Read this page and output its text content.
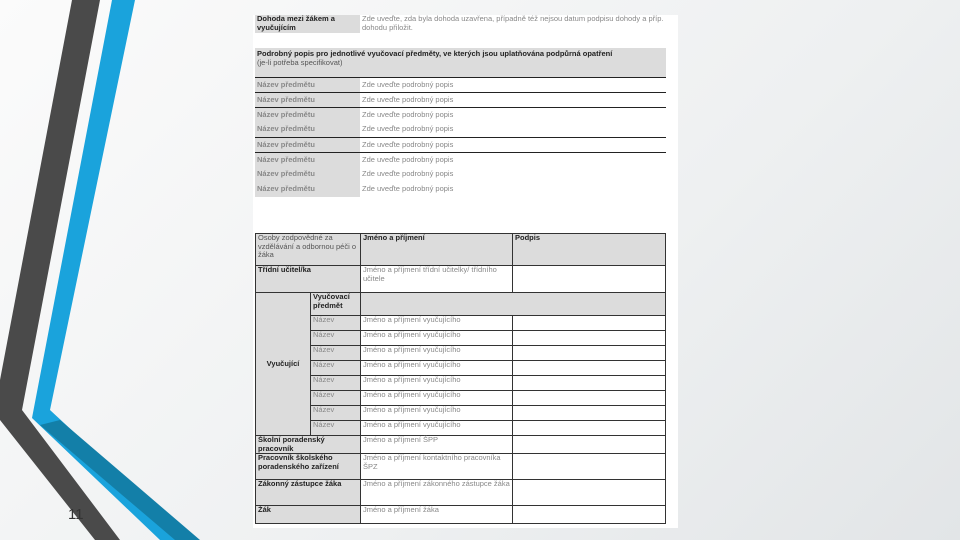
11
Dohoda mezi žákem a vyučujícím	Zde uveďte, zda byla dohoda uzavřena, případně též nejsou datum podpisu dohody a příp. dohodu přiložit.
Podrobný popis pro jednotlivé vyučovací předměty, ve kterých jsou uplatňována podpůrná opatření
(je-li potřeba specifikovat)	

Název předmětu	Zde uveďte podrobný popis
Název předmětu	Zde uveďte podrobný popis
Název předmětu	Zde uveďte podrobný popis
Název předmětu	Zde uveďte podrobný popis
Název předmětu	Zde uveďte podrobný popis
Název předmětu	Zde uveďte podrobný popis
Název předmětu	Zde uveďte podrobný popis
Název předmětu	Zde uveďte podrobný popis
Osoby zodpovědné za vzdělávání a odbornou péči o žáka		Jméno a příjmení	Podpis
Třídní učitel/ka		Jméno a příjmení třídní učitelky/ třídního učitele	
Vyučující	Vyučovací předmět		
	Název	Jméno a příjmení vyučujícího	
	Název	Jméno a příjmení vyučujícího	
	Název	Jméno a příjmení vyučujícího	
	Název	Jméno a příjmení vyučujícího	
	Název	Jméno a příjmení vyučujícího	
	Název	Jméno a příjmení vyučujícího	
	Název	Jméno a příjmení vyučujícího	
	Název	Jméno a příjmení vyučujícího	
Školní poradenský pracovník		Jméno a příjmení ŠPP	
Pracovník školského poradenského zařízení		Jméno a příjmení kontaktního pracovníka ŠPZ	
Zákonný zástupce žáka		Jméno a příjmení zákonného zástupce žáka	
Žák		Jméno a příjmení žáka	
